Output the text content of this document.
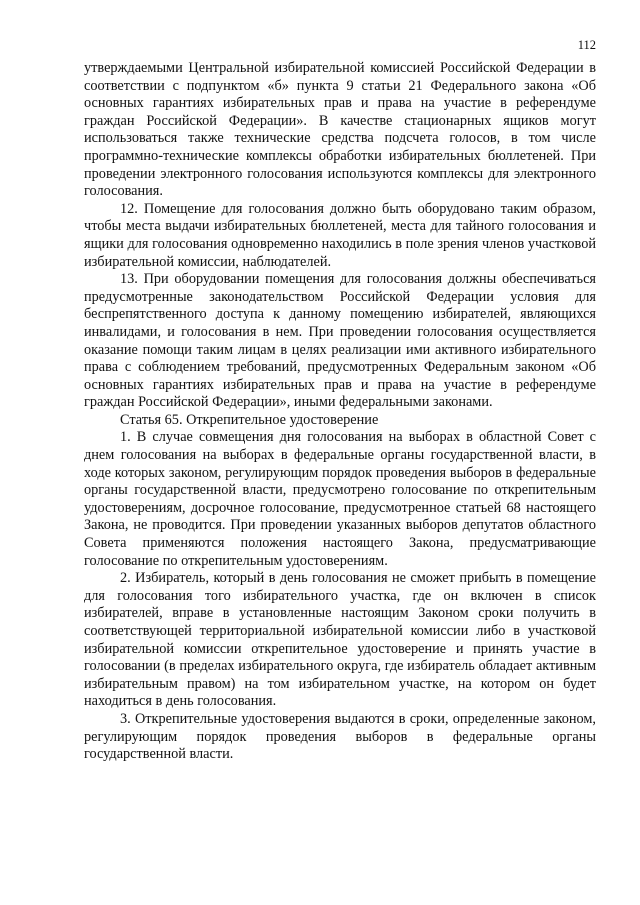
112

утверждаемыми Центральной избирательной комиссией Российской Федерации в соответствии с подпунктом «б» пункта 9 статьи 21 Федерального закона «Об основных гарантиях избирательных прав и права на участие в референдуме граждан Российской Федерации». В качестве стационарных ящиков могут использоваться также технические средства подсчета голосов, в том числе программно-технические комплексы обработки избирательных бюллетеней. При проведении электронного голосования используются комплексы для электронного голосования.

12. Помещение для голосования должно быть оборудовано таким образом, чтобы места выдачи избирательных бюллетеней, места для тайного голосования и ящики для голосования одновременно находились в поле зрения членов участковой избирательной комиссии, наблюдателей.

13. При оборудовании помещения для голосования должны обеспечиваться предусмотренные законодательством Российской Федерации условия для беспрепятственного доступа к данному помещению избирателей, являющихся инвалидами, и голосования в нем. При проведении голосования осуществляется оказание помощи таким лицам в целях реализации ими активного избирательного права с соблюдением требований, предусмотренных Федеральным законом «Об основных гарантиях избирательных прав и права на участие в референдуме граждан Российской Федерации», иными федеральными законами.

Статья 65. Открепительное удостоверение

1. В случае совмещения дня голосования на выборах в областной Совет с днем голосования на выборах в федеральные органы государственной власти, в ходе которых законом, регулирующим порядок проведения выборов в федеральные органы государственной власти, предусмотрено голосование по открепительным удостоверениям, досрочное голосование, предусмотренное статьей 68 настоящего Закона, не проводится. При проведении указанных выборов депутатов областного Совета применяются положения настоящего Закона, предусматривающие голосование по открепительным удостоверениям.

2. Избиратель, который в день голосования не сможет прибыть в помещение для голосования того избирательного участка, где он включен в список избирателей, вправе в установленные настоящим Законом сроки получить в соответствующей территориальной избирательной комиссии либо в участковой избирательной комиссии открепительное удостоверение и принять участие в голосовании (в пределах избирательного округа, где избиратель обладает активным избирательным правом) на том избирательном участке, на котором он будет находиться в день голосования.

3. Открепительные удостоверения выдаются в сроки, определенные законом, регулирующим порядок проведения выборов в федеральные органы государственной власти.
